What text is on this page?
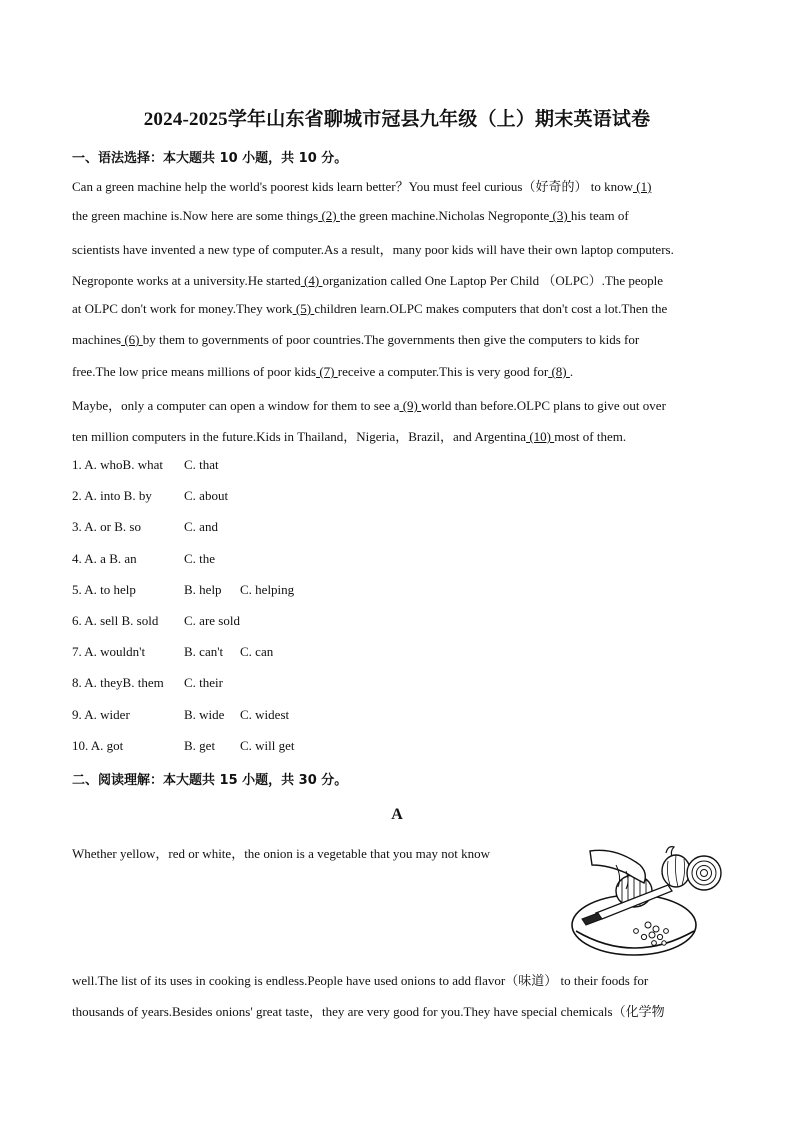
2024-2025学年山东省聊城市冠县九年级（上）期末英语试卷
一、语法选择：本大题共 10 小题，共 10 分。
Can a green machine help the world's poorest kids learn better？You must feel curious（好奇的） to know (1)
the green machine is.Now here are some things (2) the green machine.Nicholas Negroponte (3) his team of
scientists have invented a new type of computer.As a result，many poor kids will have their own laptop computers.
Negroponte works at a university.He started (4) organization called One Laptop Per Child （OLPC）.The people
at OLPC don't work for money.They work (5) children learn.OLPC makes computers that don't cost a lot.Then the
machines (6) by them to governments of poor countries.The governments then give the computers to kids for
free.The low price means millions of poor kids (7) receive a computer.This is very good for (8) .
Maybe，only a computer can open a window for them to see a (9) world than before.OLPC plans to give out over
ten million computers in the future.Kids in Thailand，Nigeria，Brazil，and Argentina (10) most of them.
1. A. whoB. what C. that
2. A. into B. by C. about
3. A. or B. so	C. and
4. A. a B. an	C. the
5. A. to help	B. help C. helping
6. A. sell B. sold C. are sold
7. A. wouldn't	B. can't C. can
8. A. theyB. them C. their
9. A. wider	B. wide C. widest
10. A. got	B. get C. will get
二、阅读理解：本大题共 15 小题，共 30 分。
A
Whether yellow，red or white，the onion is a vegetable that you may not know
well.The list of its uses in cooking is endless.People have used onions to add flavor（味道） to their foods for
thousands of years.Besides onions' great taste，they are very good for you.They have special chemicals（化学物
